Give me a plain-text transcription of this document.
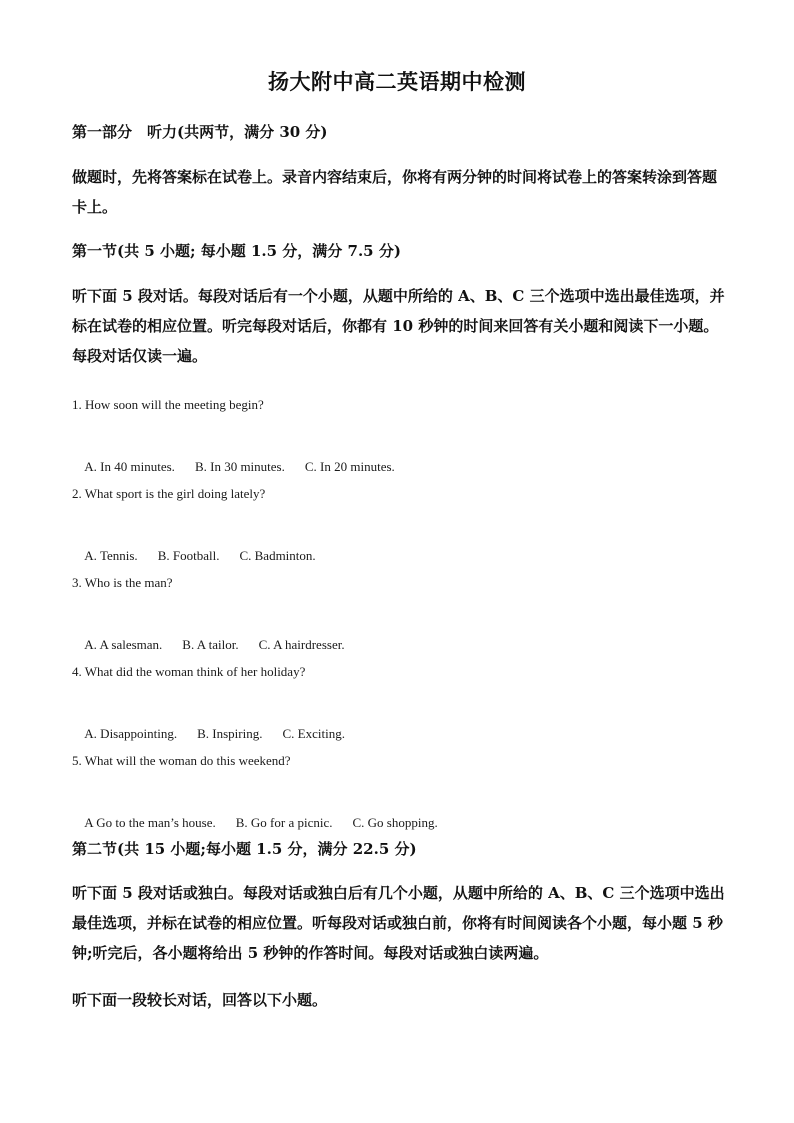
扬大附中高二英语期中检测
第一部分　听力(共两节，满分 30 分)
做题时，先将答案标在试卷上。录音内容结束后，你将有两分钟的时间将试卷上的答案转涂到答题卡上。
第一节(共 5 小题; 每小题 1.5 分，满分 7.5 分)
听下面 5 段对话。每段对话后有一个小题，从题中所给的 A、B、C 三个选项中选出最佳选项，并标在试卷的相应位置。听完每段对话后，你都有 10 秒钟的时间来回答有关小题和阅读下一小题。每段对话仅读一遍。
1. How soon will the meeting begin?

A. In 40 minutes. B. In 30 minutes. C. In 20 minutes.

2. What sport is the girl doing lately?

A. Tennis. B. Football. C. Badminton.

3. Who is the man?

A. A salesman. B. A tailor. C. A hairdresser.

4. What did the woman think of her holiday?

A. Disappointing. B. Inspiring. C. Exciting.

5. What will the woman do this weekend?

A Go to the man’s house. B. Go for a picnic. C. Go shopping.

第二节(共 15 小题;每小题 1.5 分，满分 22.5 分)
听下面 5 段对话或独白。每段对话或独白后有几个小题，从题中所给的 A、B、C 三个选项中选出最佳选项，并标在试卷的相应位置。听每段对话或独白前，你将有时间阅读各个小题，每小题 5 秒钟;听完后，各小题将给出 5 秒钟的作答时间。每段对话或独白读两遍。
听下面一段较长对话，回答以下小题。
